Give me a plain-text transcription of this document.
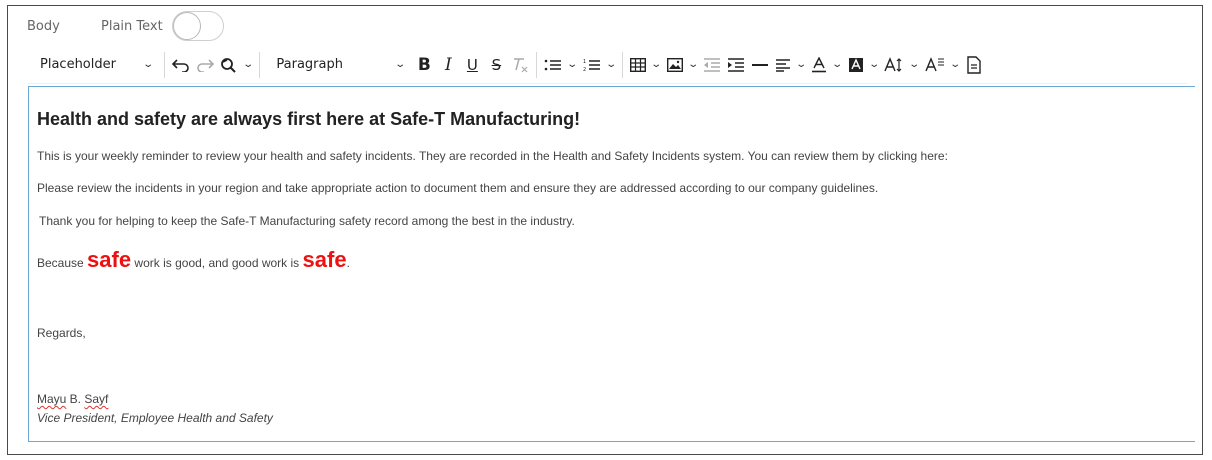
Body	Plain Text
Placeholder	⌄	⌄ Paragraph	⌄ B I U S	⌄ 1
2 ⌄	⌄ ⌄	⌄ ⌄ ⌄	⌄	⌄
Health and safety are always first here at Safe-T Manufacturing!

This is your weekly reminder to review your health and safety incidents. They are recorded in the Health and Safety Incidents system. You can review them by clicking here:

Please review the incidents in your region and take appropriate action to document them and ensure they are addressed according to our company guidelines.

Thank you for helping to keep the Safe-T Manufacturing safety record among the best in the industry.

Because safe work is good, and good work is safe.

Regards,

Mayu B. Sayf

Vice President, Employee Health and Safety
